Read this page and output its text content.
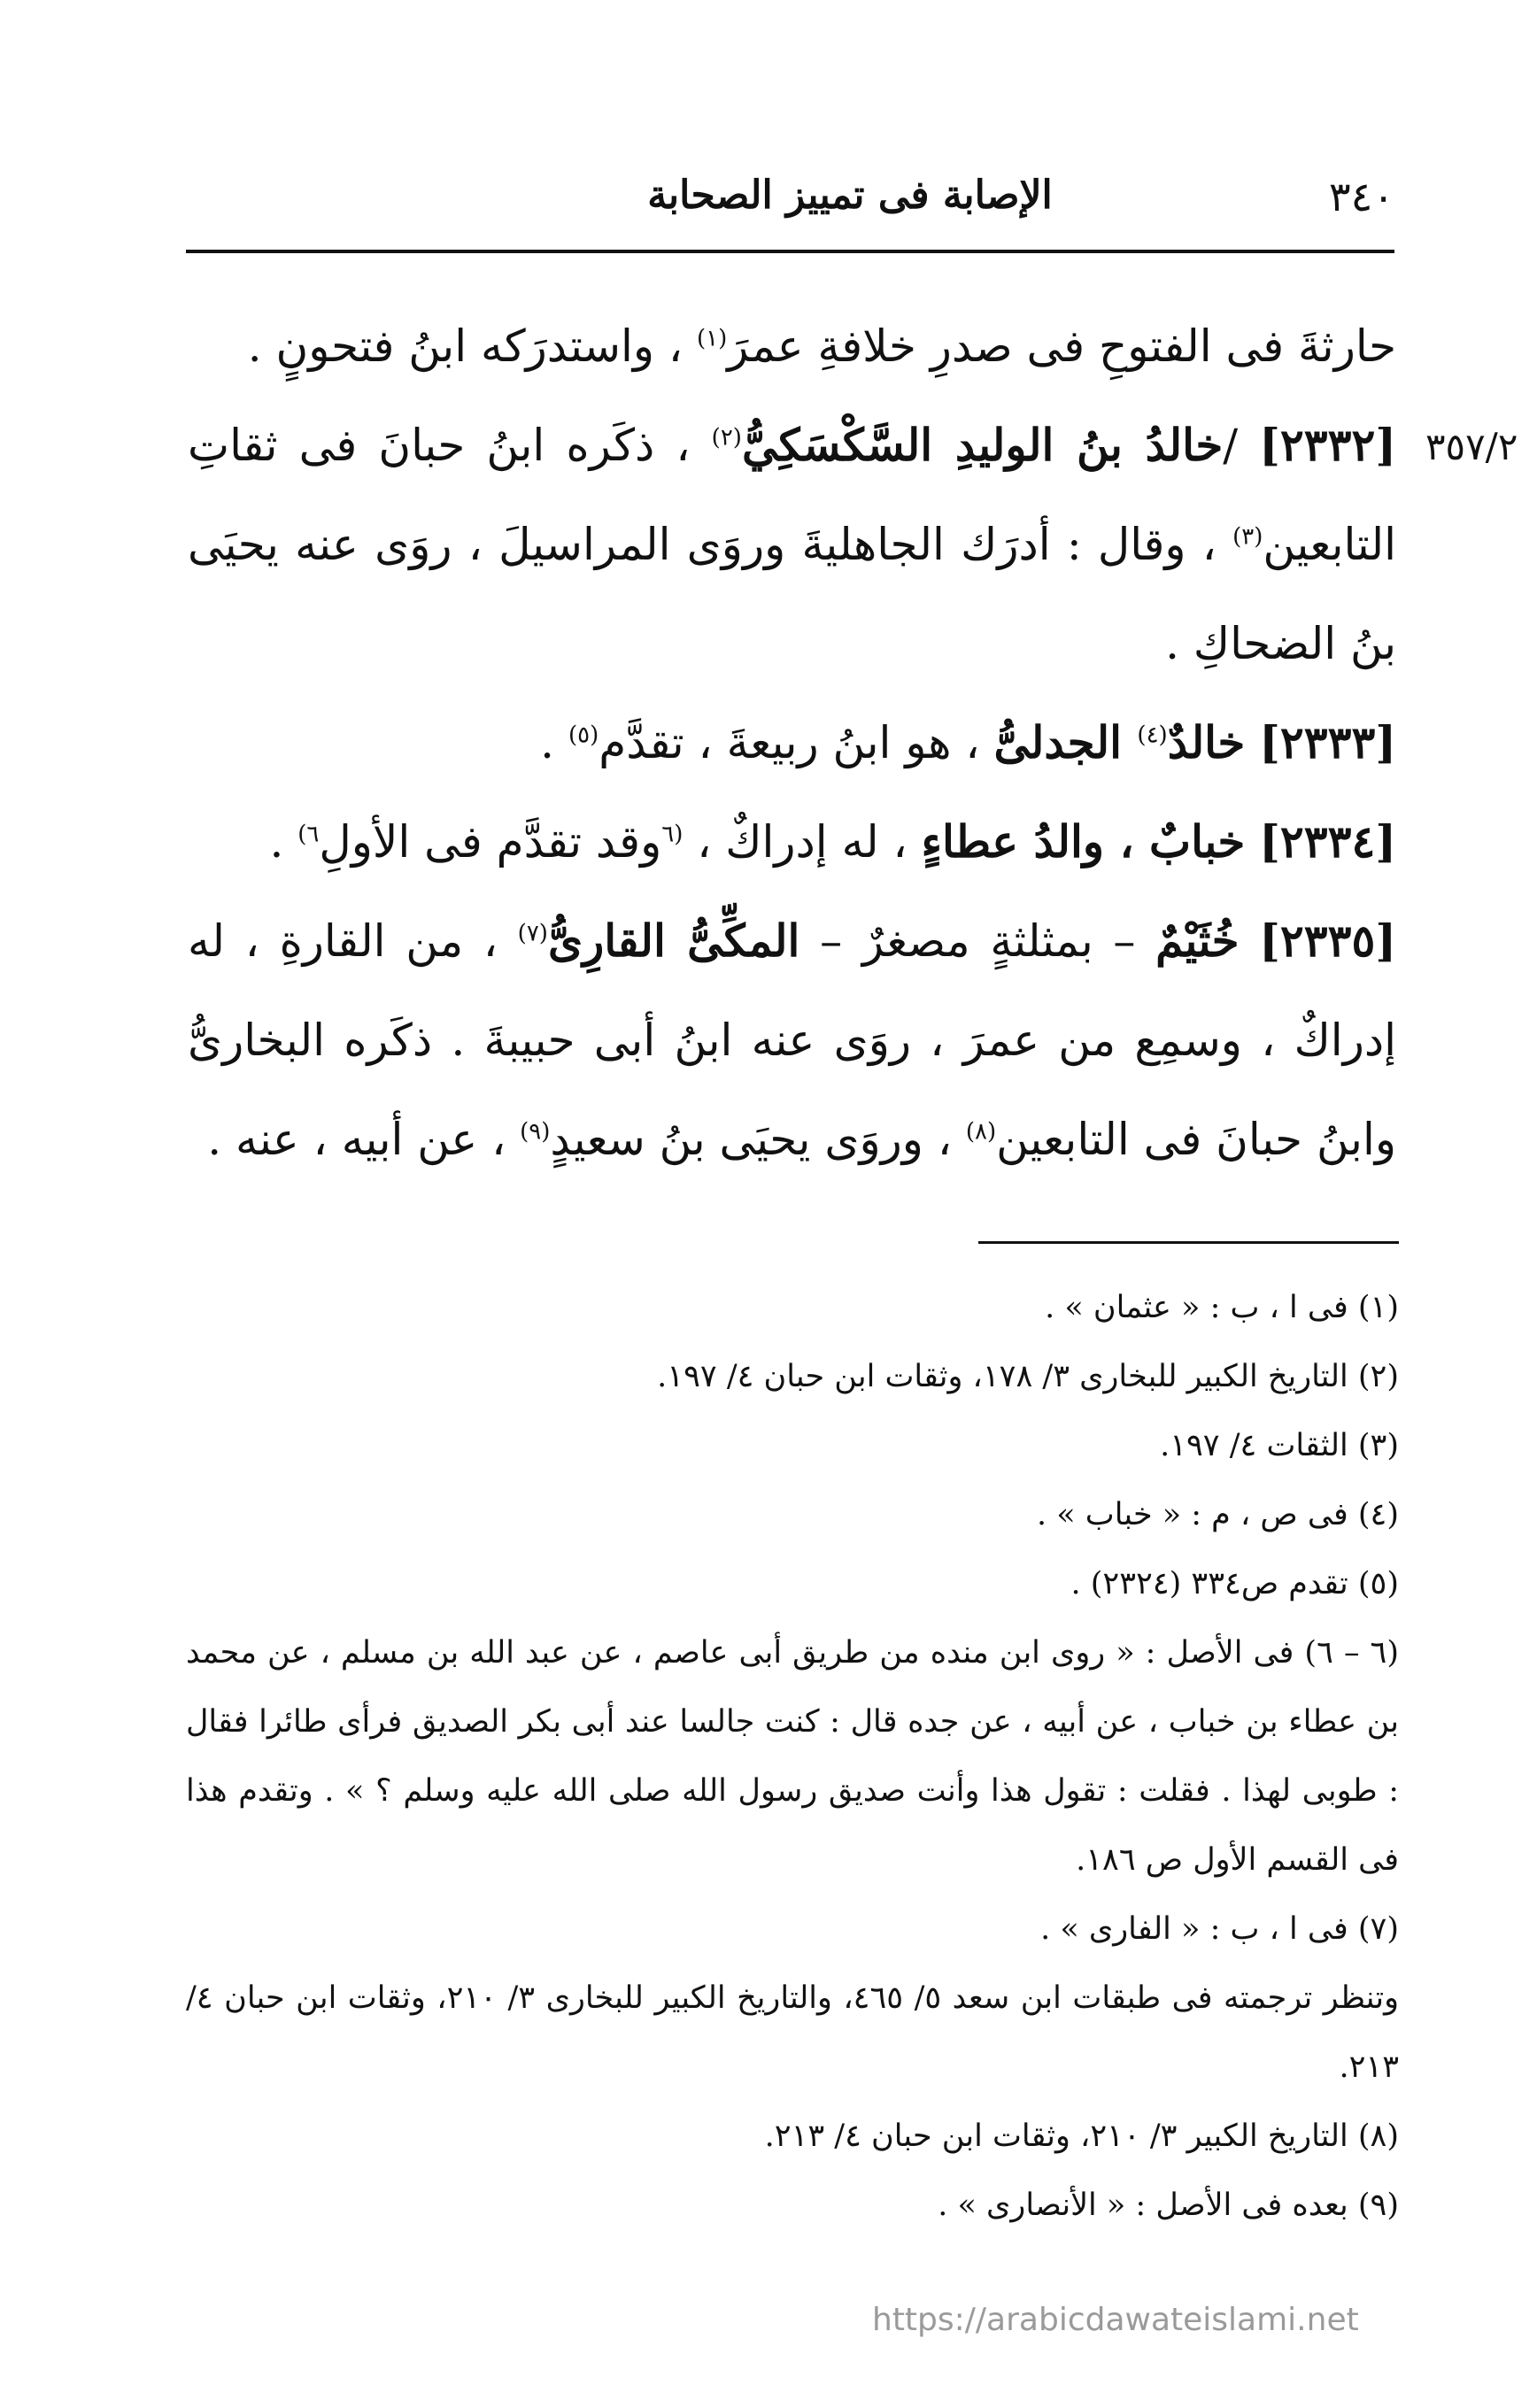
الإصابة فى تمييز الصحابة	٣٤٠
٣٥٧/٢

حارثةَ فى الفتوحِ فى صدرِ خلافةِ عمرَ$^{(١)}$ ، واستدرَكه ابنُ فتحونٍ .

[٢٣٣٢] /خالدُ بنُ الوليدِ السَّكْسَكِيُّ$^{(٢)}$ ، ذكَره ابنُ حبانَ فى ثقاتِ التابعين$^{(٣)}$ ، وقال : أدرَك الجاهليةَ وروَى المراسيلَ ، روَى عنه يحيَى بنُ الضحاكِ .

[٢٣٣٣] خالدٌ$^{(٤)}$ الجدلىُّ ، هو ابنُ ربيعةَ ، تقدَّم$^{(٥)}$ .

[٢٣٣٤] خبابٌ ، والدُ عطاءٍ ، له إدراكٌ ، $^{(٦}$وقد تقدَّم فى الأولِ$^{٦)}$ .

[٢٣٣٥] خُثَيْمٌ – بمثلثةٍ مصغرٌ – المكِّىُّ القارِىُّ$^{(٧)}$ ، من القارةِ ، له إدراكٌ ، وسمِع من عمرَ ، روَى عنه ابنُ أبى حبيبةَ . ذكَره البخارىُّ وابنُ حبانَ فى التابعين$^{(٨)}$ ، وروَى يحيَى بنُ سعيدٍ$^{(٩)}$ ، عن أبيه ، عنه .

(١) فى ا ، ب : « عثمان » .

(٢) التاريخ الكبير للبخارى ٣/ ١٧٨، وثقات ابن حبان ٤/ ١٩٧.

(٣) الثقات ٤/ ١٩٧.

(٤) فى ص ، م : « خباب » .

(٥) تقدم ص٣٣٤ (٢٣٢٤) .

(٦ – ٦) فى الأصل : « روى ابن منده من طريق أبى عاصم ، عن عبد الله بن مسلم ، عن محمد بن عطاء بن خباب ، عن أبيه ، عن جده قال : كنت جالسا عند أبى بكر الصديق فرأى طائرا فقال : طوبى لهذا . فقلت : تقول هذا وأنت صديق رسول الله صلى الله عليه وسلم ؟ » . وتقدم هذا فى القسم الأول ص ١٨٦.

(٧) فى ا ، ب : « الفارى » .

وتنظر ترجمته فى طبقات ابن سعد ٥/ ٤٦٥، والتاريخ الكبير للبخارى ٣/ ٢١٠، وثقات ابن حبان ٤/ ٢١٣.

(٨) التاريخ الكبير ٣/ ٢١٠، وثقات ابن حبان ٤/ ٢١٣.

(٩) بعده فى الأصل : « الأنصارى » .

https://arabicdawateislami.net
